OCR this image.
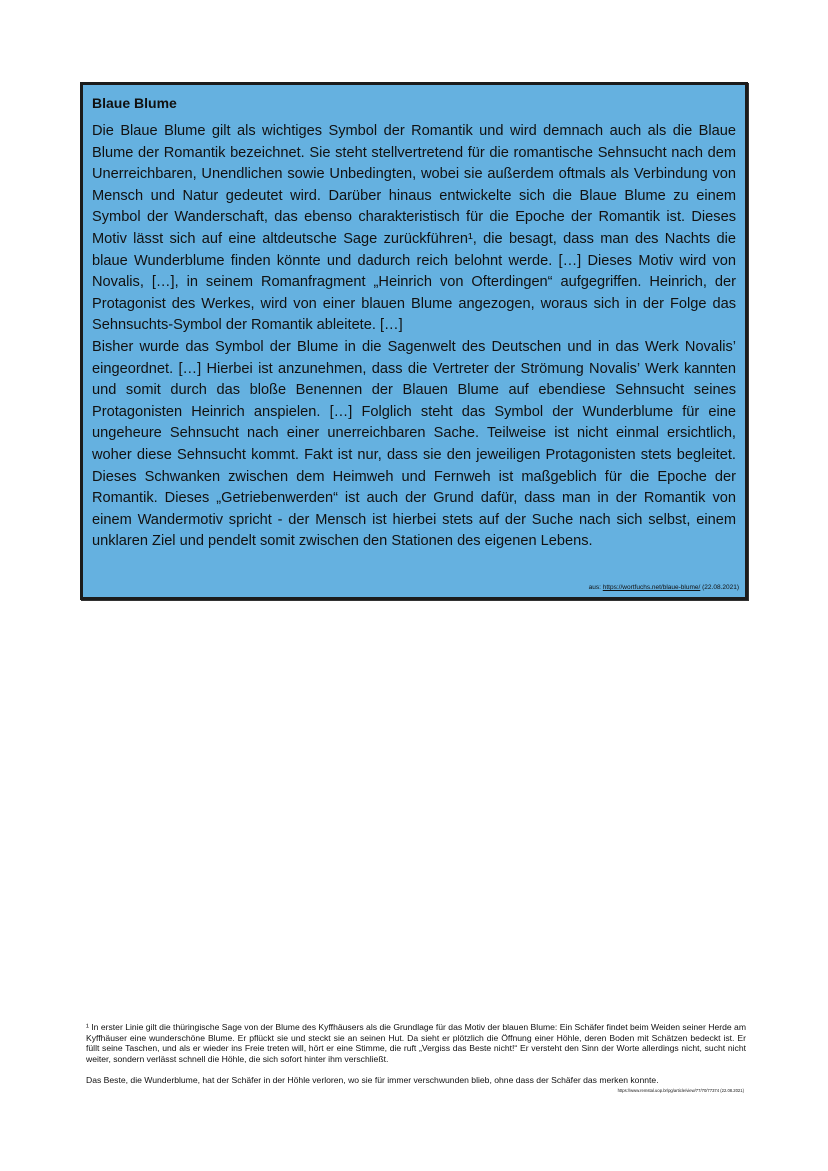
Blaue Blume

Die Blaue Blume gilt als wichtiges Symbol der Romantik und wird demnach auch als die Blaue Blume der Romantik bezeichnet. Sie steht stellvertretend für die romantische Sehnsucht nach dem Unerreichbaren, Unendlichen sowie Unbedingten, wobei sie außerdem oftmals als Verbindung von Mensch und Natur gedeutet wird. Darüber hinaus entwickelte sich die Blaue Blume zu einem Symbol der Wanderschaft, das ebenso charakteristisch für die Epoche der Romantik ist. Dieses Motiv lässt sich auf eine altdeutsche Sage zurückführen¹, die besagt, dass man des Nachts die blaue Wunderblume finden könnte und dadurch reich belohnt werde. […] Dieses Motiv wird von Novalis, […], in seinem Romanfragment „Heinrich von Ofterdingen“ aufgegriffen. Heinrich, der Protagonist des Werkes, wird von einer blauen Blume angezogen, woraus sich in der Folge das Sehnsuchts-Symbol der Romantik ableitete. […]

Bisher wurde das Symbol der Blume in die Sagenwelt des Deutschen und in das Werk Novalis’ eingeordnet. […] Hierbei ist anzunehmen, dass die Vertreter der Strömung Novalis’ Werk kannten und somit durch das bloße Benennen der Blauen Blume auf ebendiese Sehnsucht seines Protagonisten Heinrich anspielen. […] Folglich steht das Symbol der Wunderblume für eine ungeheure Sehnsucht nach einer unerreichbaren Sache. Teilweise ist nicht einmal ersichtlich, woher diese Sehnsucht kommt. Fakt ist nur, dass sie den jeweiligen Protagonisten stets begleitet. Dieses Schwanken zwischen dem Heimweh und Fernweh ist maßgeblich für die Epoche der Romantik. Dieses „Getriebenwerden“ ist auch der Grund dafür, dass man in der Romantik von einem Wandermotiv spricht - der Mensch ist hierbei stets auf der Suche nach sich selbst, einem unklaren Ziel und pendelt somit zwischen den Stationen des eigenen Lebens.

aus: https://wortfuchs.net/blaue-blume/ (22.08.2021)

¹ In erster Linie gilt die thüringische Sage von der Blume des Kyffhäusers als die Grundlage für das Motiv der blauen Blume: Ein Schäfer findet beim Weiden seiner Herde am Kyffhäuser eine wunderschöne Blume. Er pflückt sie und steckt sie an seinen Hut. Da sieht er plötzlich die Öffnung einer Höhle, deren Boden mit Schätzen bedeckt ist. Er füllt seine Taschen, und als er wieder ins Freie treten will, hört er eine Stimme, die ruft „Vergiss das Beste nicht!“ Er versteht den Sinn der Worte allerdings nicht, sucht nicht weiter, sondern verlässt schnell die Höhle, die sich sofort hinter ihm verschließt.

Das Beste, die Wunderblume, hat der Schäfer in der Höhle verloren, wo sie für immer verschwunden blieb, ohne dass der Schäfer das merken konnte.

https://www.remstal.uop.br/pg/article/view/77/70/77374 (22.08.2021)
